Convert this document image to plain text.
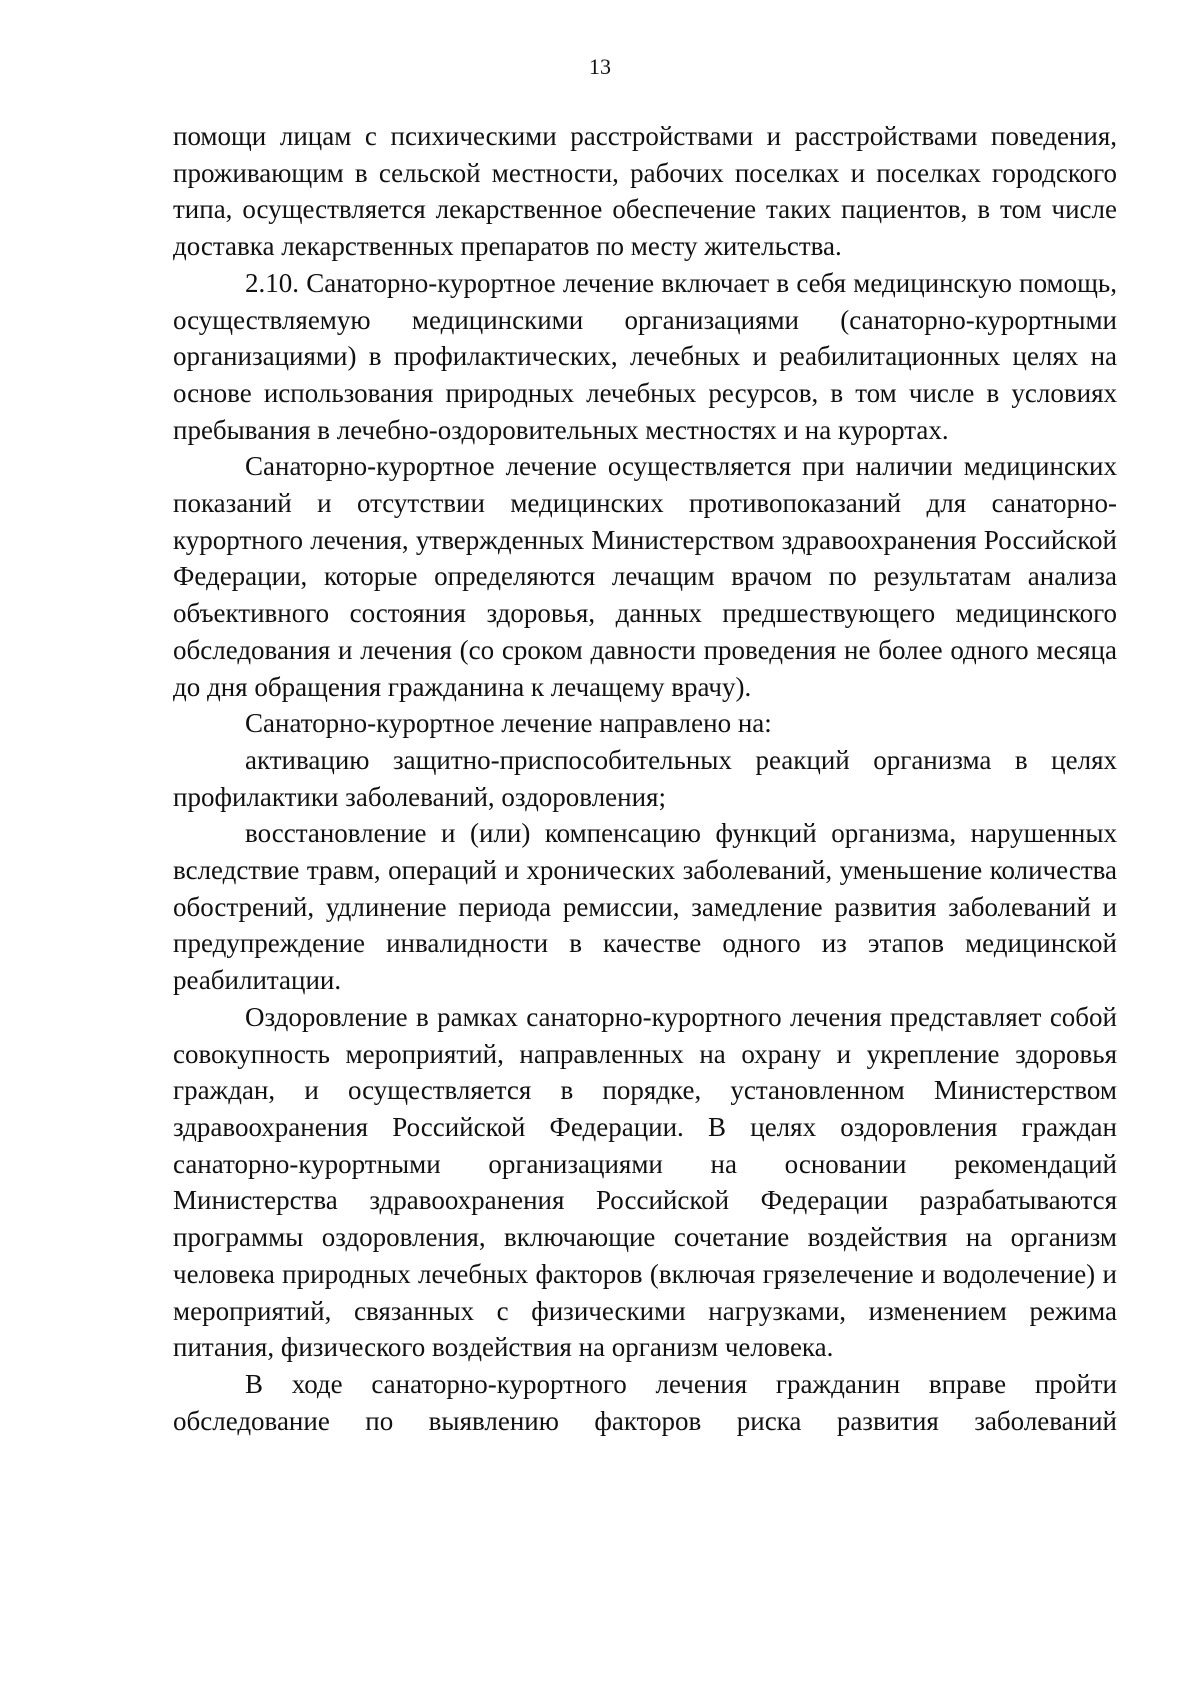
13

помощи лицам с психическими расстройствами и расстройствами поведения, проживающим в сельской местности, рабочих поселках и поселках городского типа, осуществляется лекарственное обеспечение таких пациентов, в том числе доставка лекарственных препаратов по месту жительства.

2.10. Санаторно-курортное лечение включает в себя медицинскую помощь, осуществляемую медицинскими организациями (санаторно-курортными организациями) в профилактических, лечебных и реабилитационных целях на основе использования природных лечебных ресурсов, в том числе в условиях пребывания в лечебно-оздоровительных местностях и на курортах.

Санаторно-курортное лечение осуществляется при наличии медицинских показаний и отсутствии медицинских противопоказаний для санаторно-курортного лечения, утвержденных Министерством здравоохранения Российской Федерации, которые определяются лечащим врачом по результатам анализа объективного состояния здоровья, данных предшествующего медицинского обследования и лечения (со сроком давности проведения не более одного месяца до дня обращения гражданина к лечащему врачу).

Санаторно-курортное лечение направлено на:

активацию защитно-приспособительных реакций организма в целях профилактики заболеваний, оздоровления;

восстановление и (или) компенсацию функций организма, нарушенных вследствие травм, операций и хронических заболеваний, уменьшение количества обострений, удлинение периода ремиссии, замедление развития заболеваний и предупреждение инвалидности в качестве одного из этапов медицинской реабилитации.

Оздоровление в рамках санаторно-курортного лечения представляет собой совокупность мероприятий, направленных на охрану и укрепление здоровья граждан, и осуществляется в порядке, установленном Министерством здравоохранения Российской Федерации. В целях оздоровления граждан санаторно-курортными организациями на основании рекомендаций Министерства здравоохранения Российской Федерации разрабатываются программы оздоровления, включающие сочетание воздействия на организм человека природных лечебных факторов (включая грязелечение и водолечение) и мероприятий, связанных с физическими нагрузками, изменением режима питания, физического воздействия на организм человека.

В ходе санаторно-курортного лечения гражданин вправе пройти обследование по выявлению факторов риска развития заболеваний
